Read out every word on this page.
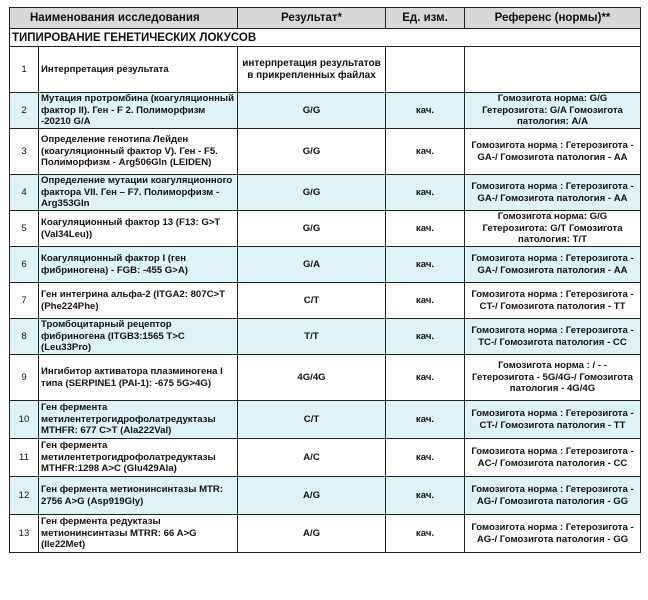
Наименования исследования		Результат*	Ед. изм.	Референс (нормы)**
ТИПИРОВАНИЕ ГЕНЕТИЧЕСКИХ ЛОКУСОВ				
1	Интерпретация результата	интерпретация результатов в прикрепленных файлах		
2	Мутация протромбина (коагуляционный фактор II). Ген - F 2. Полиморфизм -20210 G/A	G/G	кач.	Гомозигота норма: G/G Гетерозигота: G/A Гомозигота патология: A/A
3	Определение генотипа Лейден (коагуляционный фактор V). Ген - F5. Полиморфизм - Arg506Gln (LEIDEN)	G/G	кач.	Гомозигота норма : Гетерозигота - GA-/ Гомозигота патология - AA
4	Определение мутации коагуляционного фактора VII. Ген – F7. Полиморфизм - Arg353Gln	G/G	кач.	Гомозигота норма : Гетерозигота - GA-/ Гомозигота патология - AA
5	Коагуляционный фактор 13 (F13: G>T (Val34Leu))	G/G	кач.	Гомозигота норма: G/G Гетерозигота: G/T Гомозигота патология: T/T
6	Коагуляционный фактор I (ген фибриногена) - FGB: -455 G>A)	G/A	кач.	Гомозигота норма : Гетерозигота - GA-/ Гомозигота патология - AA
7	Ген интегрина альфа-2 (ITGA2: 807C>T (Phe224Phe)	C/T	кач.	Гомозигота норма : Гетерозигота - CT-/ Гомозигота патология - TT
8	Тромбоцитарный рецептор фибриногена (ITGB3:1565 T>C (Leu33Pro)	T/T	кач.	Гомозигота норма : Гетерозигота - TC-/ Гомозигота патология - CC
9	Ингибитор активатора плазминогена I типа (SERPINE1 (PAI-1): -675 5G>4G)	4G/4G	кач.	Гомозигота норма : / - - Гетерозигота - 5G/4G-/ Гомозигота патология - 4G/4G
10	Ген фермента метилентетрогидрофолатредуктазы MTHFR: 677 C>T (Ala222Val)	C/T	кач.	Гомозигота норма : Гетерозигота - CT-/ Гомозигота патология - TT
11	Ген фермента метилентетрогидрофолатредуктазы MTHFR:1298 A>C (Glu429Ala)	A/C	кач.	Гомозигота норма : Гетерозигота - AC-/ Гомозигота патология - CC
12	Ген фермента метионинсинтазы MTR: 2756 A>G (Asp919Gly)	A/G	кач.	Гомозигота норма : Гетерозигота - AG-/ Гомозигота патология - GG
13	Ген фермента редуктазы метионинсинтазы MTRR: 66 A>G (Ile22Met)	A/G	кач.	Гомозигота норма : Гетерозигота - AG-/ Гомозигота патология - GG
